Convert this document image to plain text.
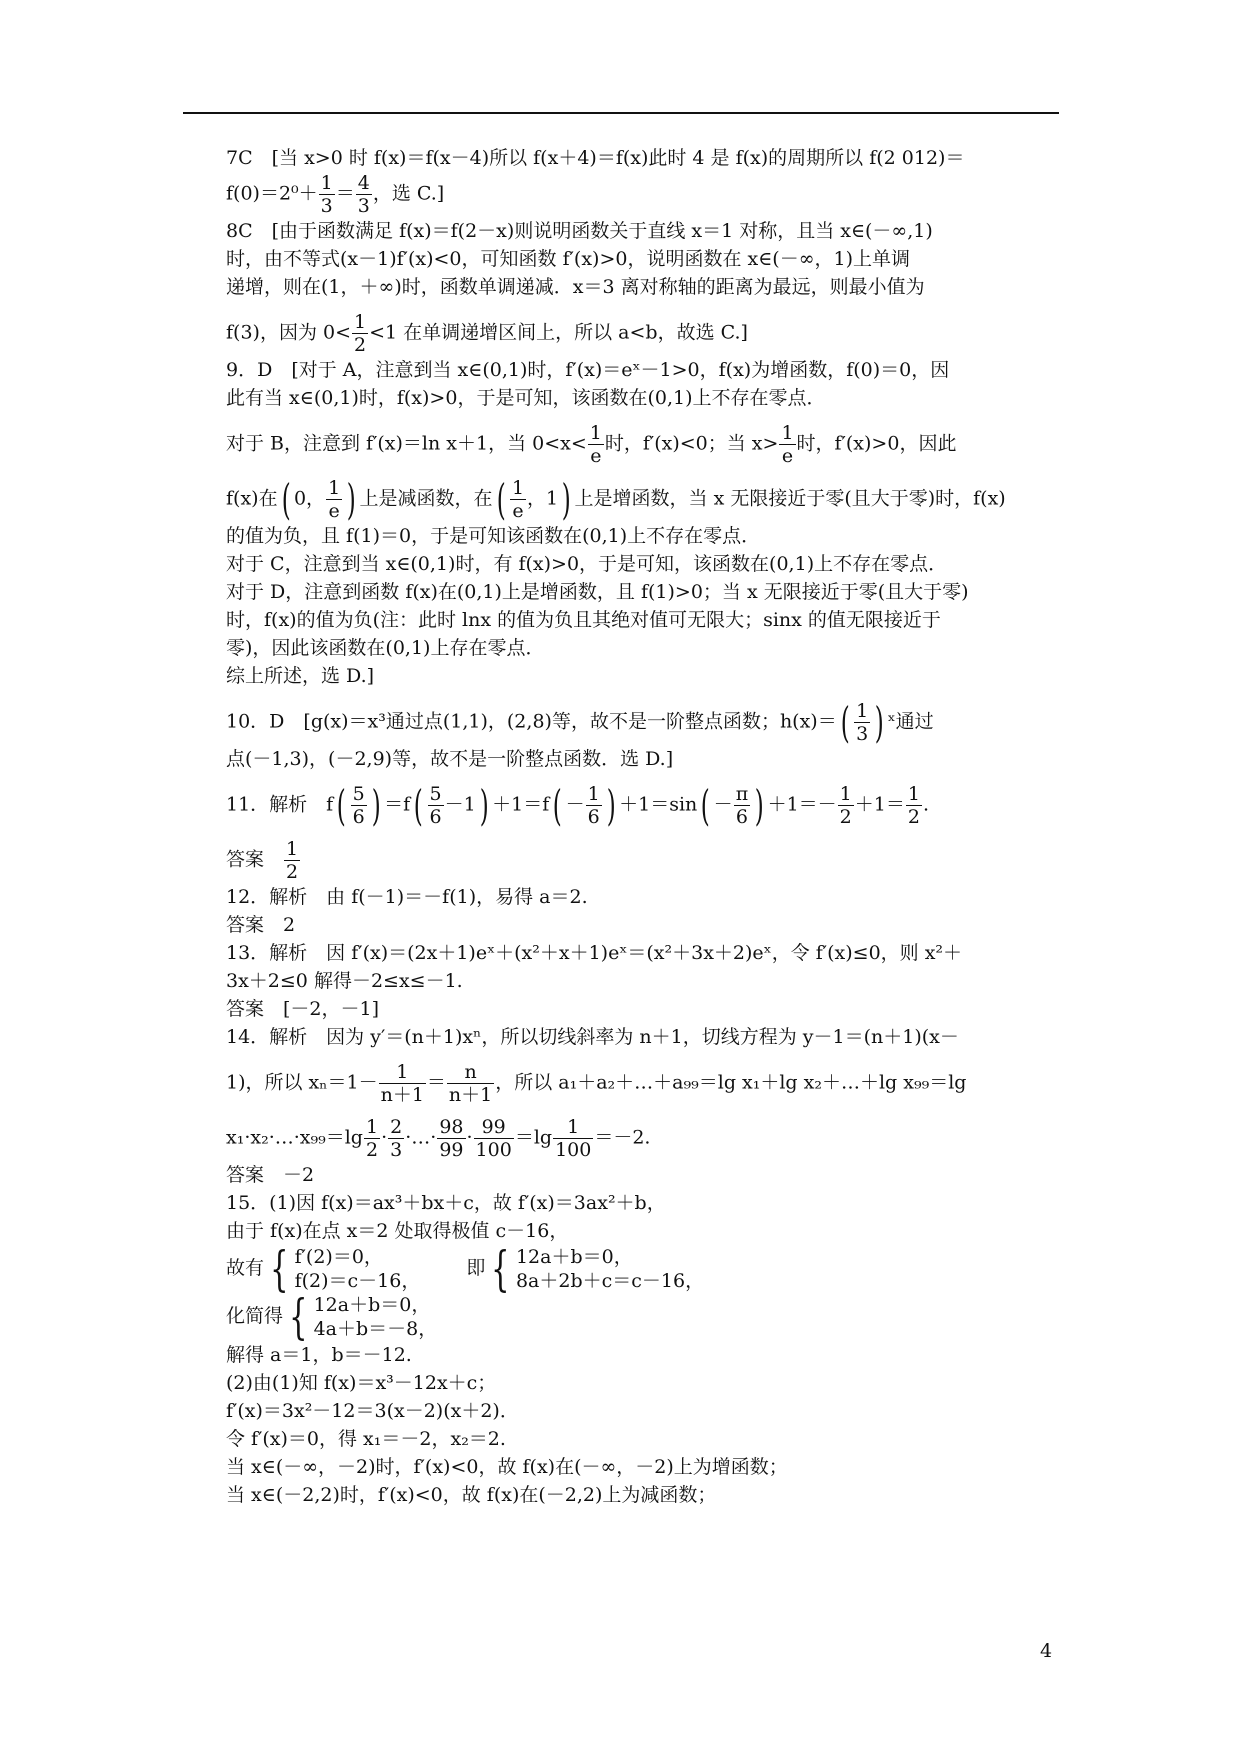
7C　[当 x>0 时 f(x)＝f(x－4)所以 f(x＋4)＝f(x)此时 4 是 f(x)的周期所以 f(2 012)＝
$f(0)=2^0+ \frac{1}{3} = \frac{4}{3}$ ，选 C.]
8C　[由于函数满足 f(x)＝f(2－x)则说明函数关于直线 x＝1 对称，且当 x∈(－∞,1)
时，由不等式(x－1)f′(x)<0，可知函数 f′(x)>0，说明函数在 x∈(－∞，1)上单调
递增，则在(1，＋∞)时，函数单调递减．x＝3 离对称轴的距离为最远，则最小值为
f(3)，因为 $0< \frac{1}{2} <1$ 在单调递增区间上，所以 a<b，故选 C.]
9．D　[对于 A，注意到当 x∈(0,1)时，f′(x)＝eˣ－1>0，f(x)为增函数，f(0)＝0，因
此有当 x∈(0,1)时，f(x)>0，于是可知，该函数在(0,1)上不存在零点．
对于 B，注意到 f′(x)＝ln x＋1，当 $0<x< \frac{1}{e}$ 时，f′(x)<0；当 $x> \frac{1}{e}$ 时，f′(x)>0，因此
f(x)在( 0， $\frac{1}{e}$ ) 上是减函数，在( $\frac{1}{e}$ ，1) 上是增函数，当 x 无限接近于零(且大于零)时，f(x)
的值为负，且 f(1)＝0，于是可知该函数在(0,1)上不存在零点．
对于 C，注意到当 x∈(0,1)时，有 f(x)>0，于是可知，该函数在(0,1)上不存在零点．
对于 D，注意到函数 f(x)在(0,1)上是增函数，且 f(1)>0；当 x 无限接近于零(且大于零)
时，f(x)的值为负(注：此时 lnx 的值为负且其绝对值可无限大；sinx 的值无限接近于
零)，因此该函数在(0,1)上存在零点．
综上所述，选 D.]
10．D　[g(x)＝x³通过点(1,1)，(2,8)等，故不是一阶整点函数；$h(x)=( \frac{1}{3}$ ) ˣ通过
点(－1,3)，(－2,9)等，故不是一阶整点函数．选 D.]
11．解析　$f( \frac{5}{6}$ ) $=f( \frac{5}{6} -1) +1=f( - \frac{1}{6}$ ) $+1=\sin( - \frac{\pi}{6}$ ) $+1=- \frac{1}{2} +1= \frac{1}{2}$ .
答案　 $\frac{1}{2}$
12．解析　由 f(－1)＝－f(1)，易得 a＝2.
答案　2
13．解析　因 f′(x)＝(2x＋1)eˣ＋(x²＋x＋1)eˣ＝(x²＋3x＋2)eˣ，令 f′(x)≤0，则 x²＋
3x＋2≤0 解得－2≤x≤－1.
答案　[－2，－1]
14．解析　因为 y′＝(n＋1)xⁿ，所以切线斜率为 n＋1，切线方程为 y－1＝(n＋1)(x－
1)，所以 $x_n=1- \frac{1}{n+1} = \frac{n}{n+1}$ ，所以 a₁＋a₂＋…＋a₉₉＝lg x₁＋lg x₂＋…＋lg x₉₉＝lg
x₁·x₂·…·x₉₉＝lg $\frac{1}{2} \cdot \frac{2}{3}$ ·…· $\frac{98}{99} \cdot \frac{99}{100} =\lg \frac{1}{100} =-2$.
答案　－2
15．(1)因 f(x)＝ax³＋bx＋c，故 f′(x)＝3ax²＋b，
由于 f(x)在点 x＝2 处取得极值 c－16，
故有 { f′(2)＝0，
f(2)＝c－16，
即 { 12a＋b＝0，
8a＋2b＋c＝c－16，
化简得 { 12a＋b＝0，
4a＋b＝－8，
解得 a＝1，b＝－12.
(2)由(1)知 f(x)＝x³－12x＋c；
f′(x)＝3x²－12＝3(x－2)(x＋2)．
令 f′(x)＝0，得 x₁＝－2，x₂＝2.
当 x∈(－∞，－2)时，f′(x)<0，故 f(x)在(－∞，－2)上为增函数；
当 x∈(－2,2)时，f′(x)<0，故 f(x)在(－2,2)上为减函数；
4
